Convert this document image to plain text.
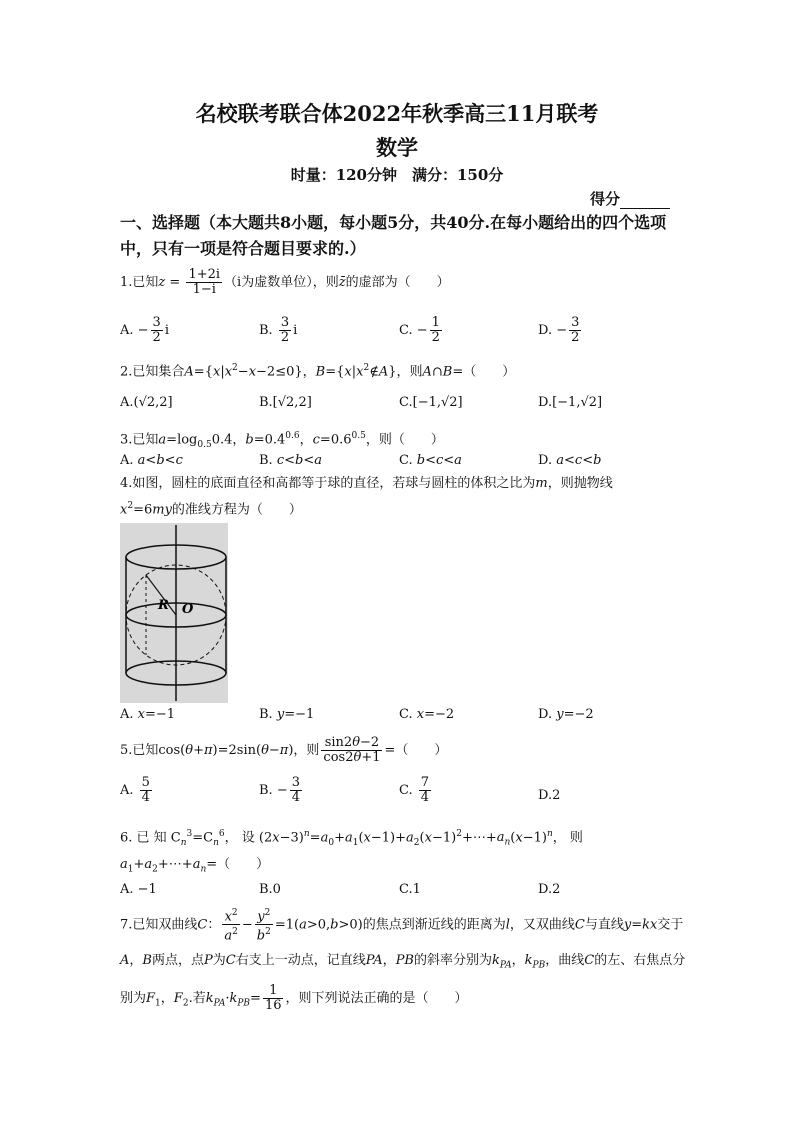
名校联考联合体2022年秋季高三11月联考
数学
时量：120分钟　满分：150分
得分
一、选择题（本大题共8小题，每小题5分，共40分.在每小题给出的四个选项中，只有一项是符合题目要求的.）
1.已知$z = \frac{1+2i}{1-i} (i$为虚数单位），则z̄的虚部为（　　）
A. − $\frac{3}{2}$ i	B. $\frac{3}{2}$ i	C. − $\frac{1}{2}$	D. − $\frac{3}{2}$
2.已知集合$A=\{x|x^2-x-2\le 0\}$，$B=\{x|x^2\notin A\}$，则A∩B=（　　）
A.(√2,2]	B.[√2,2]	C.[−1,√2]	D.[−1,√2]
3.已知$a=\log_{0.5}0.4$，$b=0.4^{0.6}$，$c=0.6^{0.5}$，则（　　）
A. a<b<c	B. c<b<a	C. b<c<a	D. a<c<b
4.如图，圆柱的底面直径和高都等于球的直径，若球与圆柱的体积之比为m，则抛物线
$x^2=6my$的准线方程为（　　）
R O
A. x=−1	B. y=−1	C. x=−2	D. y=−2
5.已知cos(θ+π)=2sin(θ−π)，则 $\frac{\sin 2\theta-2}{\cos 2\theta+1}$ =（　　）
A. $\frac{5}{4}$	B. − $\frac{3}{4}$	C. $\frac{7}{4}$	D.2
6. 已 知 $C_n^3=C_n^6$， 设 $(2x-3)^n=a_0+a_1(x-1)+a_2(x-1)^2+\cdots+a_n(x-1)^n$， 则
$a_1+a_2+\cdots+a_n=$（　　）
A. −1	B.0	C.1	D.2
7.已知双曲线C： $\frac{x^2}{a^2} - \frac{y^2}{b^2} =1(a>0,b>0)$的焦点到渐近线的距离为l，又双曲线C与直线y=kx交于A，B两点，点P为C右支上一动点，记直线PA，PB的斜率分别为$k_{PA}$，$k_{PB}$，曲线C的左、右焦点分别为$F_1$，$F_2$.若$k_{PA}\cdot k_{PB}= \frac{1}{16}$ ，则下列说法正确的是（　　）
